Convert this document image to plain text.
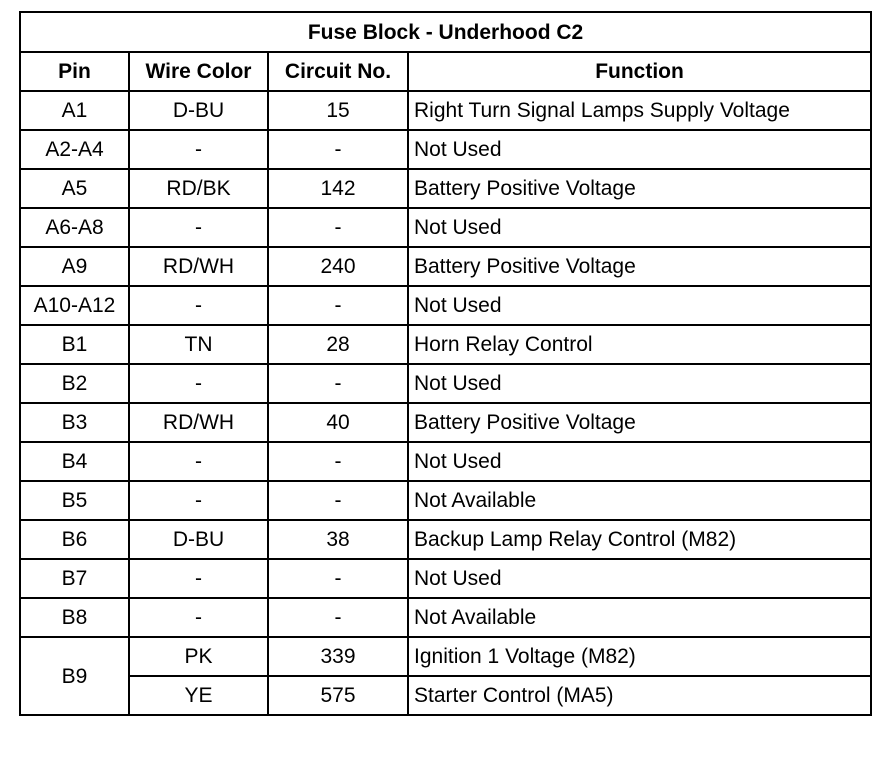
Fuse Block - Underhood C2			
Pin	Wire Color	Circuit No.	Function
A1	D-BU	15	Right Turn Signal Lamps Supply Voltage
A2-A4	-	-	Not Used
A5	RD/BK	142	Battery Positive Voltage
A6-A8	-	-	Not Used
A9	RD/WH	240	Battery Positive Voltage
A10-A12	-	-	Not Used
B1	TN	28	Horn Relay Control
B2	-	-	Not Used
B3	RD/WH	40	Battery Positive Voltage
B4	-	-	Not Used
B5	-	-	Not Available
B6	D-BU	38	Backup Lamp Relay Control (M82)
B7	-	-	Not Used
B8	-	-	Not Available
B9	PK	339	Ignition 1 Voltage (M82)
	YE	575	Starter Control (MA5)
